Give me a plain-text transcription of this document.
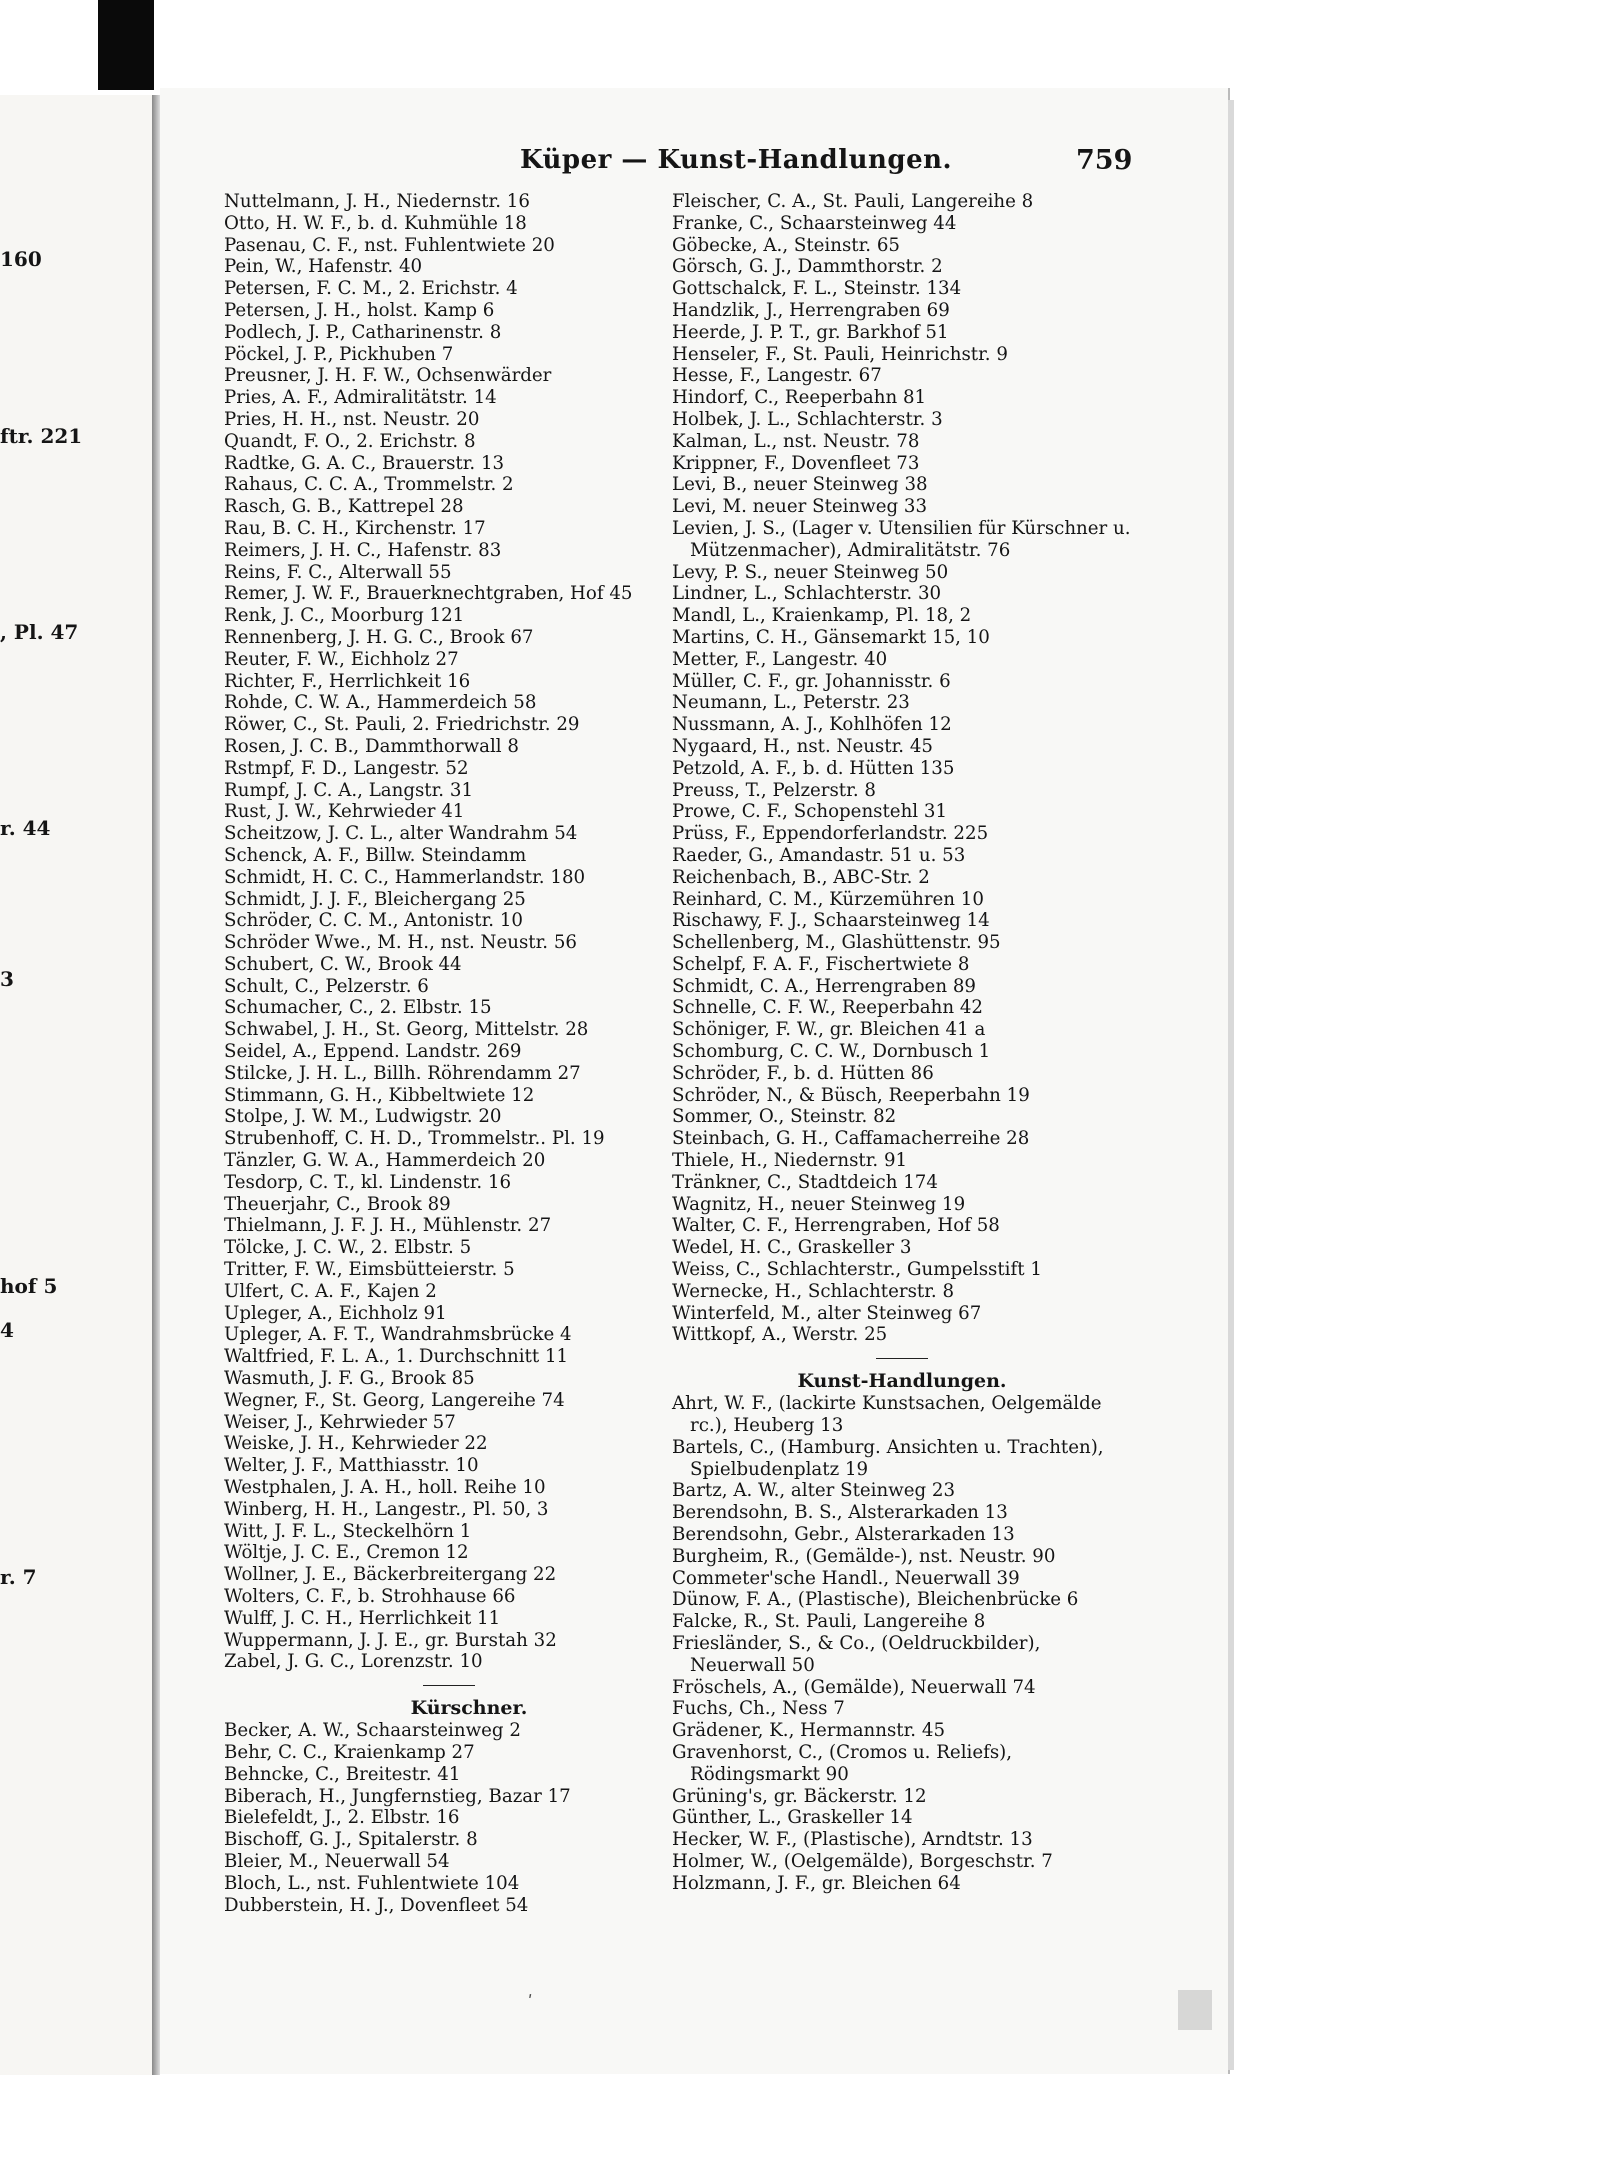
160
ftr. 221
, Pl. 47
r. 44
3
hof 5
4
r. 7
Küper — Kunst-Handlungen.	759
Nuttelmann, J. H., Niedernstr. 16
Otto, H. W. F., b. d. Kuhmühle 18
Pasenau, C. F., nst. Fuhlentwiete 20
Pein, W., Hafenstr. 40
Petersen, F. C. M., 2. Erichstr. 4
Petersen, J. H., holst. Kamp 6
Podlech, J. P., Catharinenstr. 8
Pöckel, J. P., Pickhuben 7
Preusner, J. H. F. W., Ochsenwärder
Pries, A. F., Admiralitätstr. 14
Pries, H. H., nst. Neustr. 20
Quandt, F. O., 2. Erichstr. 8
Radtke, G. A. C., Brauerstr. 13
Rahaus, C. C. A., Trommelstr. 2
Rasch, G. B., Kattrepel 28
Rau, B. C. H., Kirchenstr. 17
Reimers, J. H. C., Hafenstr. 83
Reins, F. C., Alterwall 55
Remer, J. W. F., Brauerknechtgraben, Hof 45
Renk, J. C., Moorburg 121
Rennenberg, J. H. G. C., Brook 67
Reuter, F. W., Eichholz 27
Richter, F., Herrlichkeit 16
Rohde, C. W. A., Hammerdeich 58
Röwer, C., St. Pauli, 2. Friedrichstr. 29
Rosen, J. C. B., Dammthorwall 8
Rstmpf, F. D., Langestr. 52
Rumpf, J. C. A., Langstr. 31
Rust, J. W., Kehrwieder 41
Scheitzow, J. C. L., alter Wandrahm 54
Schenck, A. F., Billw. Steindamm
Schmidt, H. C. C., Hammerlandstr. 180
Schmidt, J. J. F., Bleichergang 25
Schröder, C. C. M., Antonistr. 10
Schröder Wwe., M. H., nst. Neustr. 56
Schubert, C. W., Brook 44
Schult, C., Pelzerstr. 6
Schumacher, C., 2. Elbstr. 15
Schwabel, J. H., St. Georg, Mittelstr. 28
Seidel, A., Eppend. Landstr. 269
Stilcke, J. H. L., Billh. Röhrendamm 27
Stimmann, G. H., Kibbeltwiete 12
Stolpe, J. W. M., Ludwigstr. 20
Strubenhoff, C. H. D., Trommelstr.. Pl. 19
Tänzler, G. W. A., Hammerdeich 20
Tesdorp, C. T., kl. Lindenstr. 16
Theuerjahr, C., Brook 89
Thielmann, J. F. J. H., Mühlenstr. 27
Tölcke, J. C. W., 2. Elbstr. 5
Tritter, F. W., Eimsbütteierstr. 5
Ulfert, C. A. F., Kajen 2
Upleger, A., Eichholz 91
Upleger, A. F. T., Wandrahmsbrücke 4
Waltfried, F. L. A., 1. Durchschnitt 11
Wasmuth, J. F. G., Brook 85
Wegner, F., St. Georg, Langereihe 74
Weiser, J., Kehrwieder 57
Weiske, J. H., Kehrwieder 22
Welter, J. F., Matthiasstr. 10
Westphalen, J. A. H., holl. Reihe 10
Winberg, H. H., Langestr., Pl. 50, 3
Witt, J. F. L., Steckelhörn 1
Wöltje, J. C. E., Cremon 12
Wollner, J. E., Bäckerbreitergang 22
Wolters, C. F., b. Strohhause 66
Wulff, J. C. H., Herrlichkeit 11
Wuppermann, J. J. E., gr. Burstah 32
Zabel, J. G. C., Lorenzstr. 10
Kürschner.
Becker, A. W., Schaarsteinweg 2
Behr, C. C., Kraienkamp 27
Behncke, C., Breitestr. 41
Biberach, H., Jungfernstieg, Bazar 17
Bielefeldt, J., 2. Elbstr. 16
Bischoff, G. J., Spitalerstr. 8
Bleier, M., Neuerwall 54
Bloch, L., nst. Fuhlentwiete 104
Dubberstein, H. J., Dovenfleet 54
Fleischer, C. A., St. Pauli, Langereihe 8
Franke, C., Schaarsteinweg 44
Göbecke, A., Steinstr. 65
Görsch, G. J., Dammthorstr. 2
Gottschalck, F. L., Steinstr. 134
Handzlik, J., Herrengraben 69
Heerde, J. P. T., gr. Barkhof 51
Henseler, F., St. Pauli, Heinrichstr. 9
Hesse, F., Langestr. 67
Hindorf, C., Reeperbahn 81
Holbek, J. L., Schlachterstr. 3
Kalman, L., nst. Neustr. 78
Krippner, F., Dovenfleet 73
Levi, B., neuer Steinweg 38
Levi, M. neuer Steinweg 33
Levien, J. S., (Lager v. Utensilien für Kürschner u. Mützenmacher), Admiralitätstr. 76
Levy, P. S., neuer Steinweg 50
Lindner, L., Schlachterstr. 30
Mandl, L., Kraienkamp, Pl. 18, 2
Martins, C. H., Gänsemarkt 15, 10
Metter, F., Langestr. 40
Müller, C. F., gr. Johannisstr. 6
Neumann, L., Peterstr. 23
Nussmann, A. J., Kohlhöfen 12
Nygaard, H., nst. Neustr. 45
Petzold, A. F., b. d. Hütten 135
Preuss, T., Pelzerstr. 8
Prowe, C. F., Schopenstehl 31
Prüss, F., Eppendorferlandstr. 225
Raeder, G., Amandastr. 51 u. 53
Reichenbach, B., ABC-Str. 2
Reinhard, C. M., Kürzemühren 10
Rischawy, F. J., Schaarsteinweg 14
Schellenberg, M., Glashüttenstr. 95
Schelpf, F. A. F., Fischertwiete 8
Schmidt, C. A., Herrengraben 89
Schnelle, C. F. W., Reeperbahn 42
Schöniger, F. W., gr. Bleichen 41 a
Schomburg, C. C. W., Dornbusch 1
Schröder, F., b. d. Hütten 86
Schröder, N., & Büsch, Reeperbahn 19
Sommer, O., Steinstr. 82
Steinbach, G. H., Caffamacherreihe 28
Thiele, H., Niedernstr. 91
Tränkner, C., Stadtdeich 174
Wagnitz, H., neuer Steinweg 19
Walter, C. F., Herrengraben, Hof 58
Wedel, H. C., Graskeller 3
Weiss, C., Schlachterstr., Gumpelsstift 1
Wernecke, H., Schlachterstr. 8
Winterfeld, M., alter Steinweg 67
Wittkopf, A., Werstr. 25
Kunst-Handlungen.
Ahrt, W. F., (lackirte Kunstsachen, Oelgemälde rc.), Heuberg 13
Bartels, C., (Hamburg. Ansichten u. Trachten), Spielbudenplatz 19
Bartz, A. W., alter Steinweg 23
Berendsohn, B. S., Alsterarkaden 13
Berendsohn, Gebr., Alsterarkaden 13
Burgheim, R., (Gemälde-), nst. Neustr. 90
Commeter'sche Handl., Neuerwall 39
Dünow, F. A., (Plastische), Bleichenbrücke 6
Falcke, R., St. Pauli, Langereihe 8
Friesländer, S., & Co., (Oeldruckbilder), Neuerwall 50
Fröschels, A., (Gemälde), Neuerwall 74
Fuchs, Ch., Ness 7
Grädener, K., Hermannstr. 45
Gravenhorst, C., (Cromos u. Reliefs), Rödingsmarkt 90
Grüning's, gr. Bäckerstr. 12
Günther, L., Graskeller 14
Hecker, W. F., (Plastische), Arndtstr. 13
Holmer, W., (Oelgemälde), Borgeschstr. 7
Holzmann, J. F., gr. Bleichen 64
ʹ
